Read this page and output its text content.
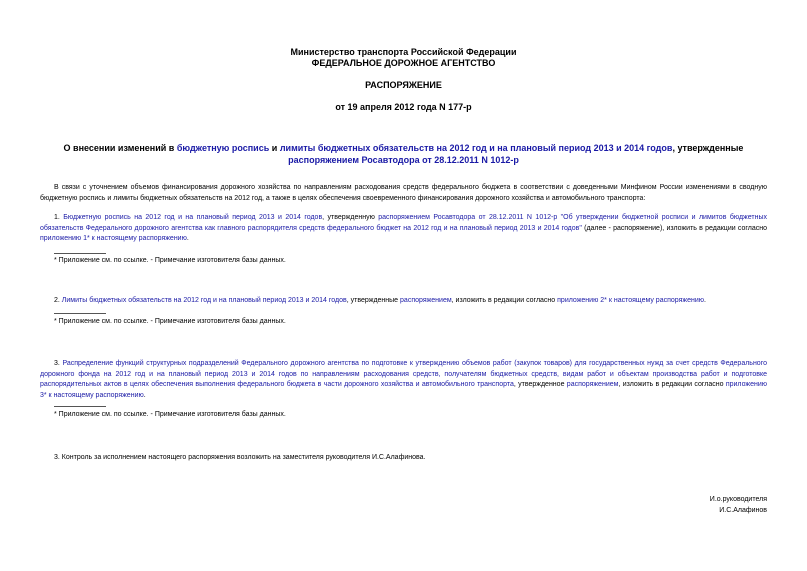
Министерство транспорта Российской Федерации
ФЕДЕРАЛЬНОЕ ДОРОЖНОЕ АГЕНТСТВО
РАСПОРЯЖЕНИЕ
от 19 апреля 2012 года N 177-р
О внесении изменений в бюджетную роспись и лимиты бюджетных обязательств на 2012 год и на плановый период 2013 и 2014 годов, утвержденные распоряжением Росавтодора от 28.12.2011 N 1012-р
В связи с уточнением объемов финансирования дорожного хозяйства по направлениям расходования средств федерального бюджета в соответствии с доведенными Минфином России изменениями в сводную бюджетную роспись и лимиты бюджетных обязательств на 2012 год, а также в целях обеспечения своевременного финансирования дорожного хозяйства и автомобильного транспорта:
1. Бюджетную роспись на 2012 год и на плановый период 2013 и 2014 годов, утвержденную распоряжением Росавтодора от 28.12.2011 N 1012-р "Об утверждении бюджетной росписи и лимитов бюджетных обязательств Федерального дорожного агентства как главного распорядителя средств федерального бюджет на 2012 год и на плановый период 2013 и 2014 годов" (далее - распоряжение), изложить в редакции согласно приложению 1* к настоящему распоряжению.
* Приложение см. по ссылке. - Примечание изготовителя базы данных.
2. Лимиты бюджетных обязательств на 2012 год и на плановый период 2013 и 2014 годов, утвержденные распоряжением, изложить в редакции согласно приложению 2* к настоящему распоряжению.
* Приложение см. по ссылке. - Примечание изготовителя базы данных.
3. Распределение функций структурных подразделений Федерального дорожного агентства по подготовке к утверждению объемов работ (закупок товаров) для государственных нужд за счет средств Федерального дорожного фонда на 2012 год и на плановый период 2013 и 2014 годов по направлениям расходования средств, получателям бюджетных средств, видам работ и объектам производства работ и подготовке распорядительных актов в целях обеспечения выполнения федерального бюджета в части дорожного хозяйства и автомобильного транспорта, утвержденное распоряжением, изложить в редакции согласно приложению 3* к настоящему распоряжению.
* Приложение см. по ссылке. - Примечание изготовителя базы данных.
3. Контроль за исполнением настоящего распоряжения возложить на заместителя руководителя И.С.Алафинова.
И.о.руководителя
И.С.Алафинов
